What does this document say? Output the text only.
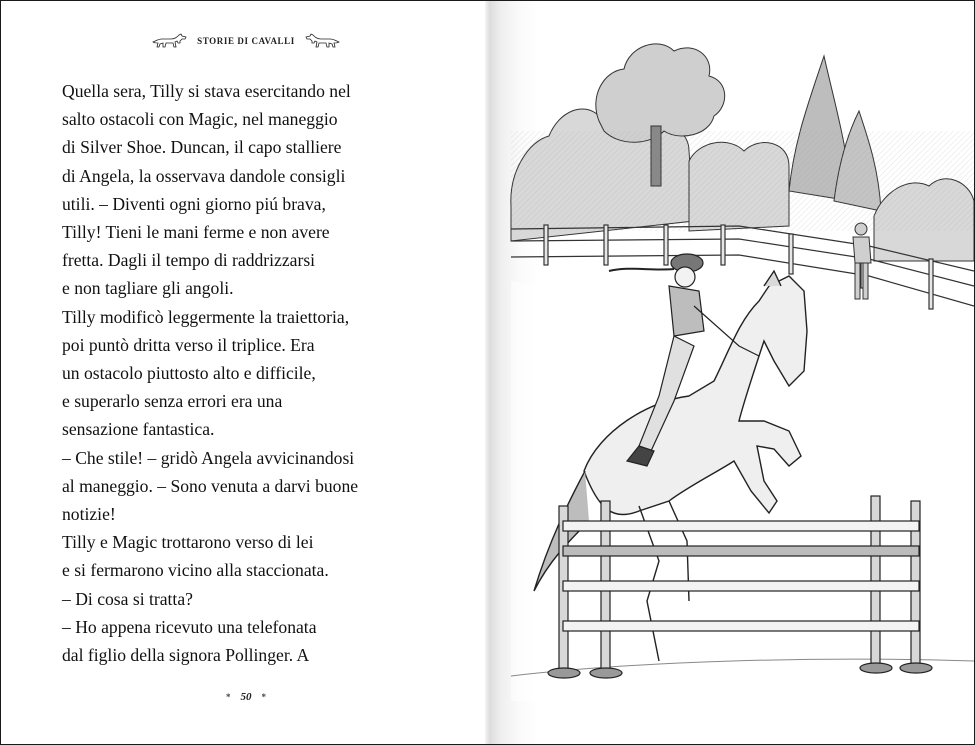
STORIE DI CAVALLI
Quella sera, Tilly si stava esercitando nel
salto ostacoli con Magic, nel maneggio
di Silver Shoe. Duncan, il capo stalliere
di Angela, la osservava dandole consigli
utili. – Diventi ogni giorno piú brava,
Tilly! Tieni le mani ferme e non avere
fretta. Dagli il tempo di raddrizzarsi
e non tagliare gli angoli.
Tilly modificò leggermente la traiettoria,
poi puntò dritta verso il triplice. Era
un ostacolo piuttosto alto e difficile,
e superarlo senza errori era una
sensazione fantastica.
– Che stile! – gridò Angela avvicinandosi
al maneggio. – Sono venuta a darvi buone
notizie!
Tilly e Magic trottarono verso di lei
e si fermarono vicino alla staccionata.
– Di cosa si tratta?
– Ho appena ricevuto una telefonata
dal figlio della signora Pollinger. A
* 50 *
